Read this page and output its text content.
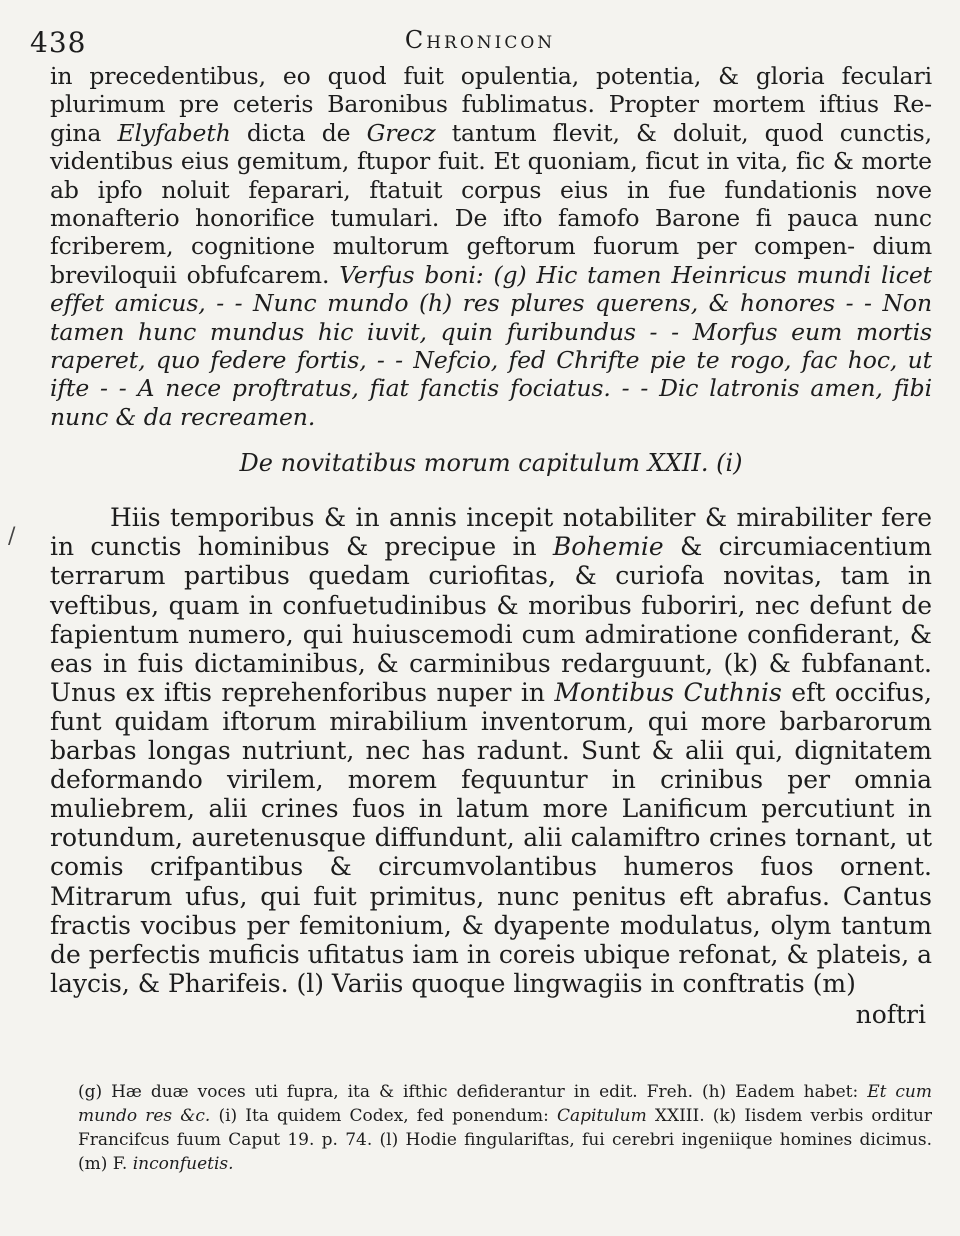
438	Chronicon

in precedentibus, eo quod fuit opulentia, potentia, & gloria feculari plurimum pre ceteris Baronibus fublimatus. Propter mortem iftius Re- gina Elyfabeth dicta de Grecz tantum flevit, & doluit, quod cunctis, videntibus eius gemitum, ftupor fuit. Et quoniam, ficut in vita, fic & morte ab ipfo noluit feparari, ftatuit corpus eius in fue fundationis nove monafterio honorifice tumulari. De ifto famofo Barone fi pauca nunc fcriberem, cognitione multorum geftorum fuorum per compen- dium breviloquii obfufcarem. Verfus boni: (g) Hic tamen Heinricus mundi licet effet amicus, - - Nunc mundo (h) res plures querens, & honores - - Non tamen hunc mundus hic iuvit, quin furibundus - - Morfus eum mortis raperet, quo federe fortis, - - Nefcio, fed Chrifte pie te rogo, fac hoc, ut ifte - - A nece proftratus, fiat fanctis fociatus. - - Dic latronis amen, fibi nunc & da recreamen.

De novitatibus morum capitulum XXII. (i)

Hiis temporibus & in annis incepit notabiliter & mirabiliter fere in cunctis hominibus & precipue in Bohemie & circumiacentium terrarum partibus quedam curiofitas, & curiofa novitas, tam in veftibus, quam in confuetudinibus & moribus fuboriri, nec defunt de fapientum numero, qui huiuscemodi cum admiratione confiderant, & eas in fuis dictaminibus, & carminibus redarguunt, (k) & fubfanant. Unus ex iftis reprehenforibus nuper in Montibus Cuthnis eft occifus, funt quidam iftorum mirabilium inventorum, qui more barbarorum barbas longas nutriunt, nec has radunt. Sunt & alii qui, dignitatem deformando virilem, morem fequuntur in crinibus per omnia muliebrem, alii crines fuos in latum more Lanificum percutiunt in rotundum, auretenusque diffundunt, alii calamiftro crines tornant, ut comis crifpantibus & circumvolantibus humeros fuos ornent. Mitrarum ufus, qui fuit primitus, nunc penitus eft abrafus. Cantus fractis vocibus per femitonium, & dyapente modulatus, olym tantum de perfectis muficis ufitatus iam in coreis ubique refonat, & plateis, a laycis, & Pharifeis. (l) Variis quoque lingwagiis in conftratis (m)

noftri
(g) Hæ duæ voces uti fupra, ita & ifthic defiderantur in edit. Freh. (h) Eadem habet: Et cum mundo res &c. (i) Ita quidem Codex, fed ponendum: Capitulum XXIII. (k) Iisdem verbis orditur Francifcus fuum Caput 19. p. 74. (l) Hodie fingulariftas, fui cerebri ingeniique homines dicimus. (m) F. inconfuetis.
/
